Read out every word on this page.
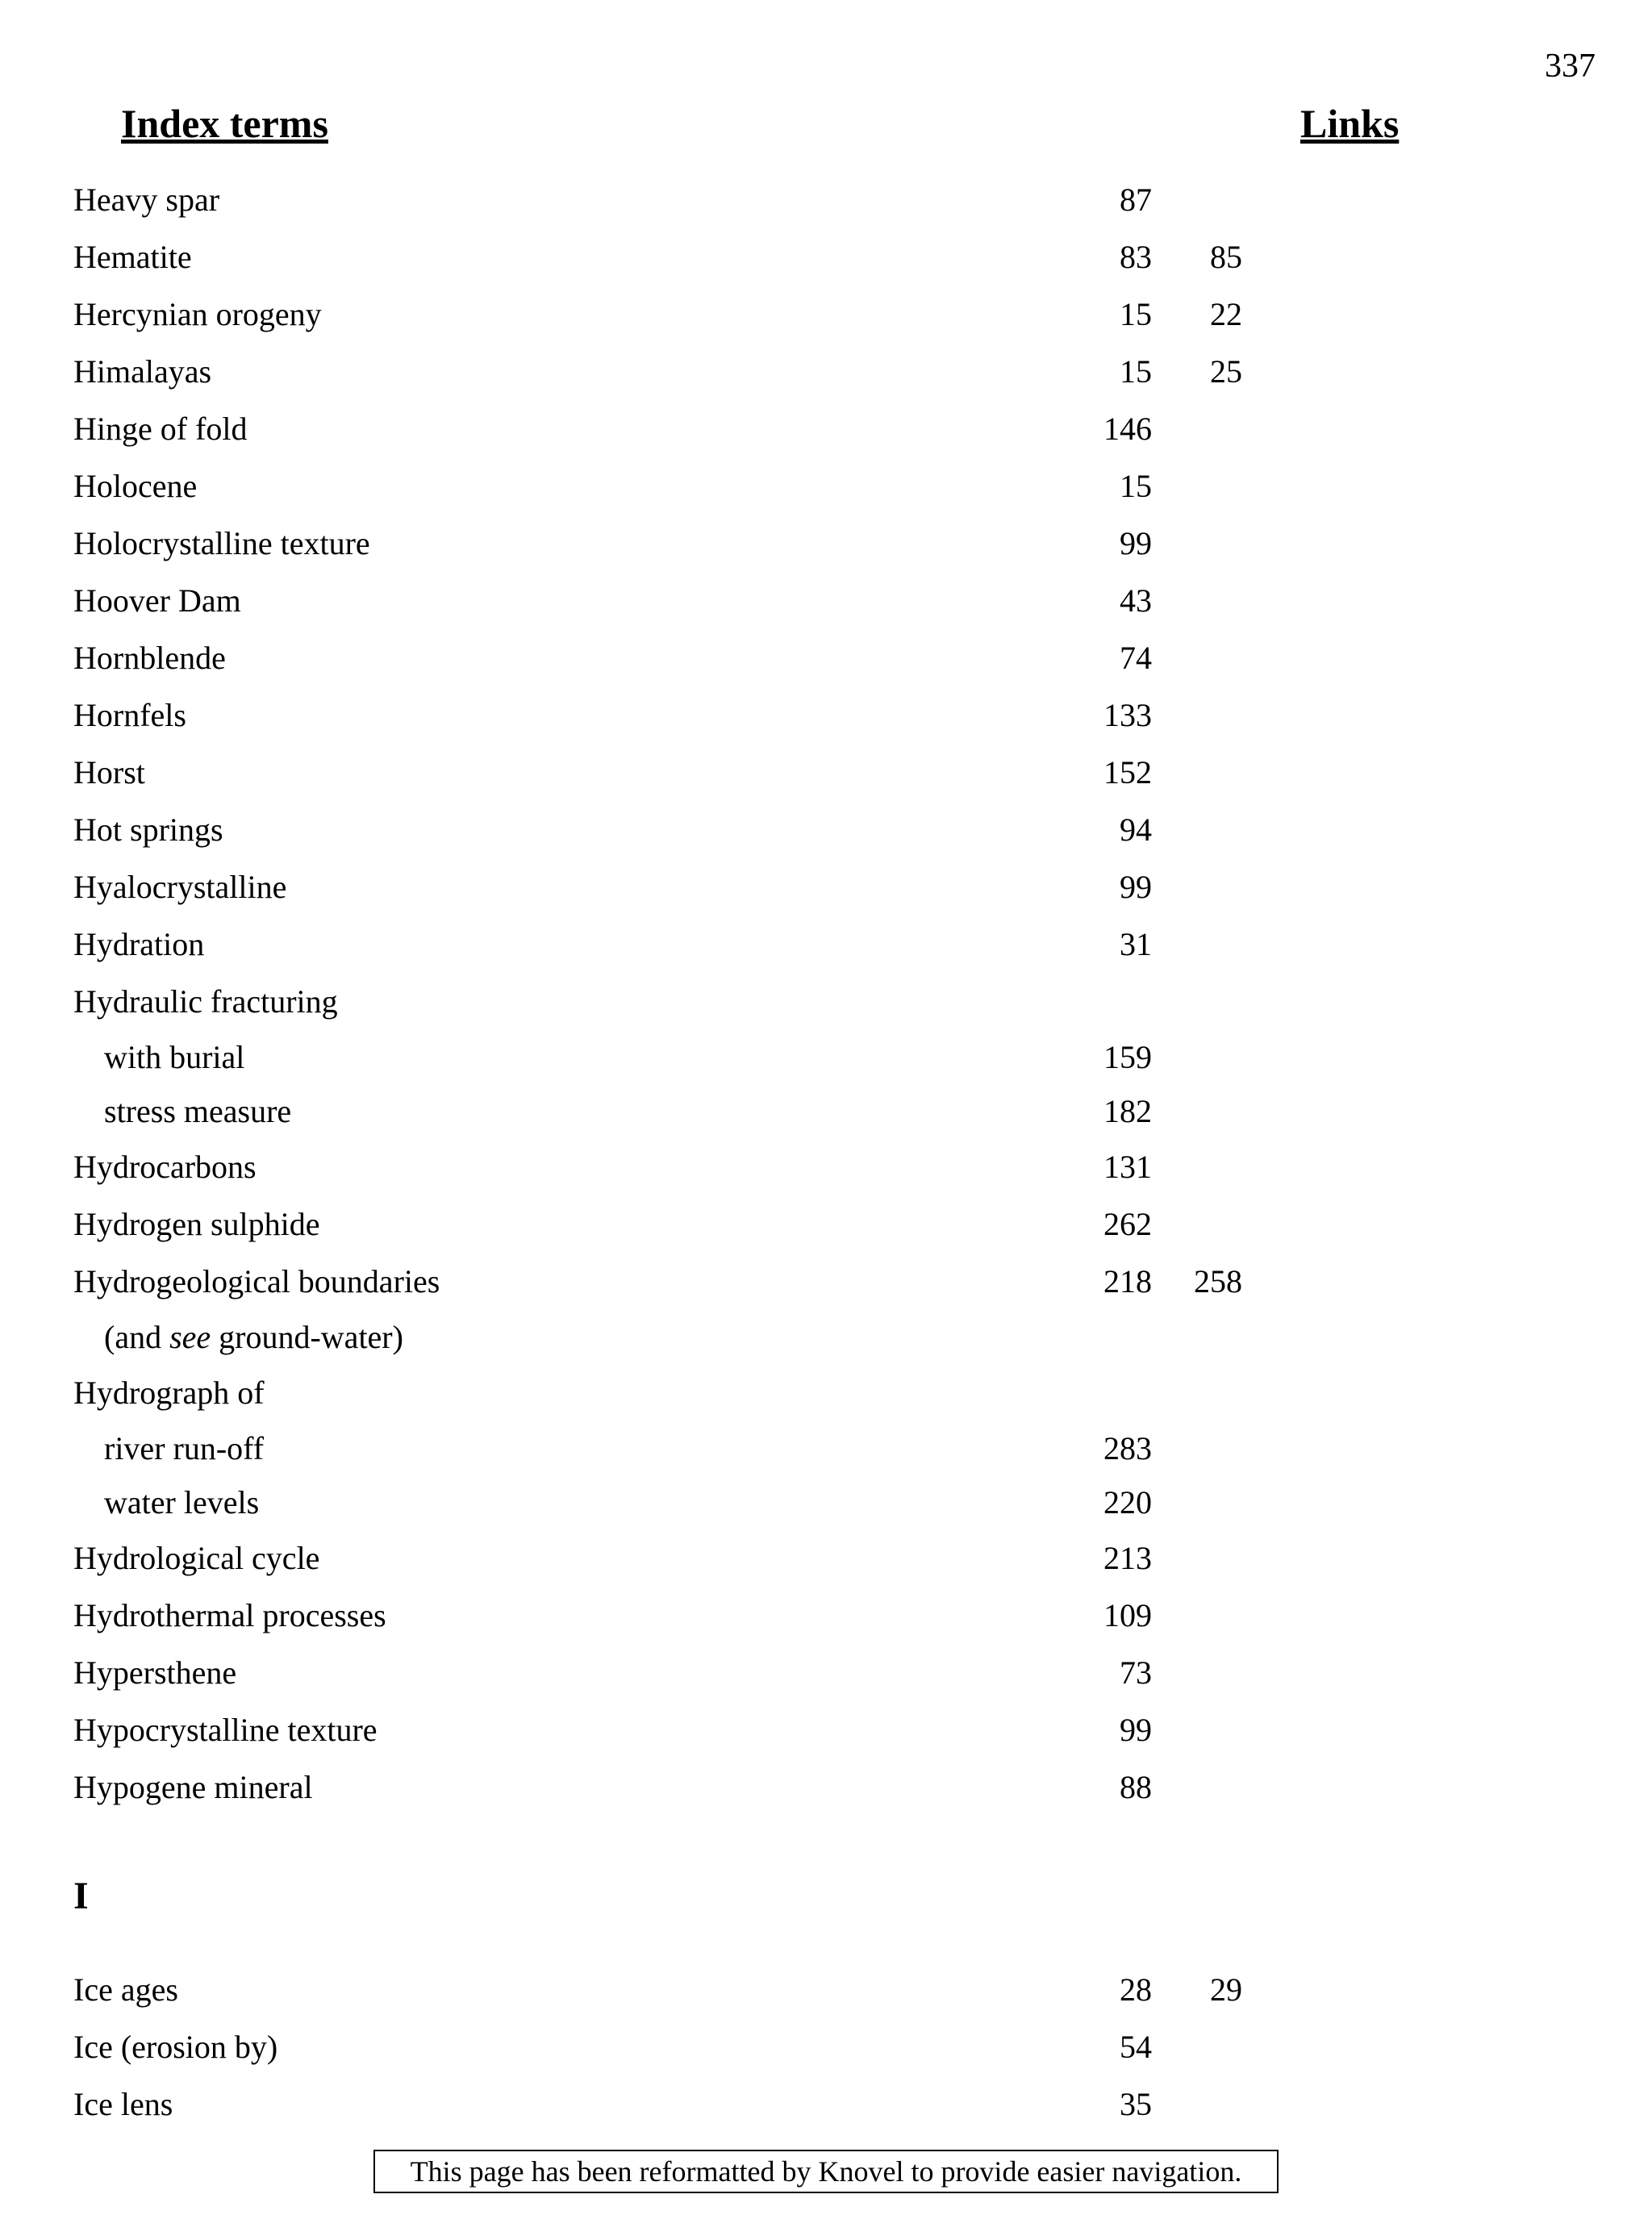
337
Index terms	Links
Heavy spar	87
Hematite	83 85
Hercynian orogeny	15 22
Himalayas	15 25
Hinge of fold	146
Holocene	15
Holocrystalline texture	99
Hoover Dam	43
Hornblende	74
Hornfels	133
Horst	152
Hot springs	94
Hyalocrystalline	99
Hydration	31
Hydraulic fracturing
with burial	159
stress measure	182
Hydrocarbons	131
Hydrogen sulphide	262
Hydrogeological boundaries	218 258
(and see ground-water)
Hydrograph of
river run-off	283
water levels	220
Hydrological cycle	213
Hydrothermal processes	109
Hypersthene	73
Hypocrystalline texture	99
Hypogene mineral	88
I
Ice ages	28 29
Ice (erosion by)	54
Ice lens	35
This page has been reformatted by Knovel to provide easier navigation.
